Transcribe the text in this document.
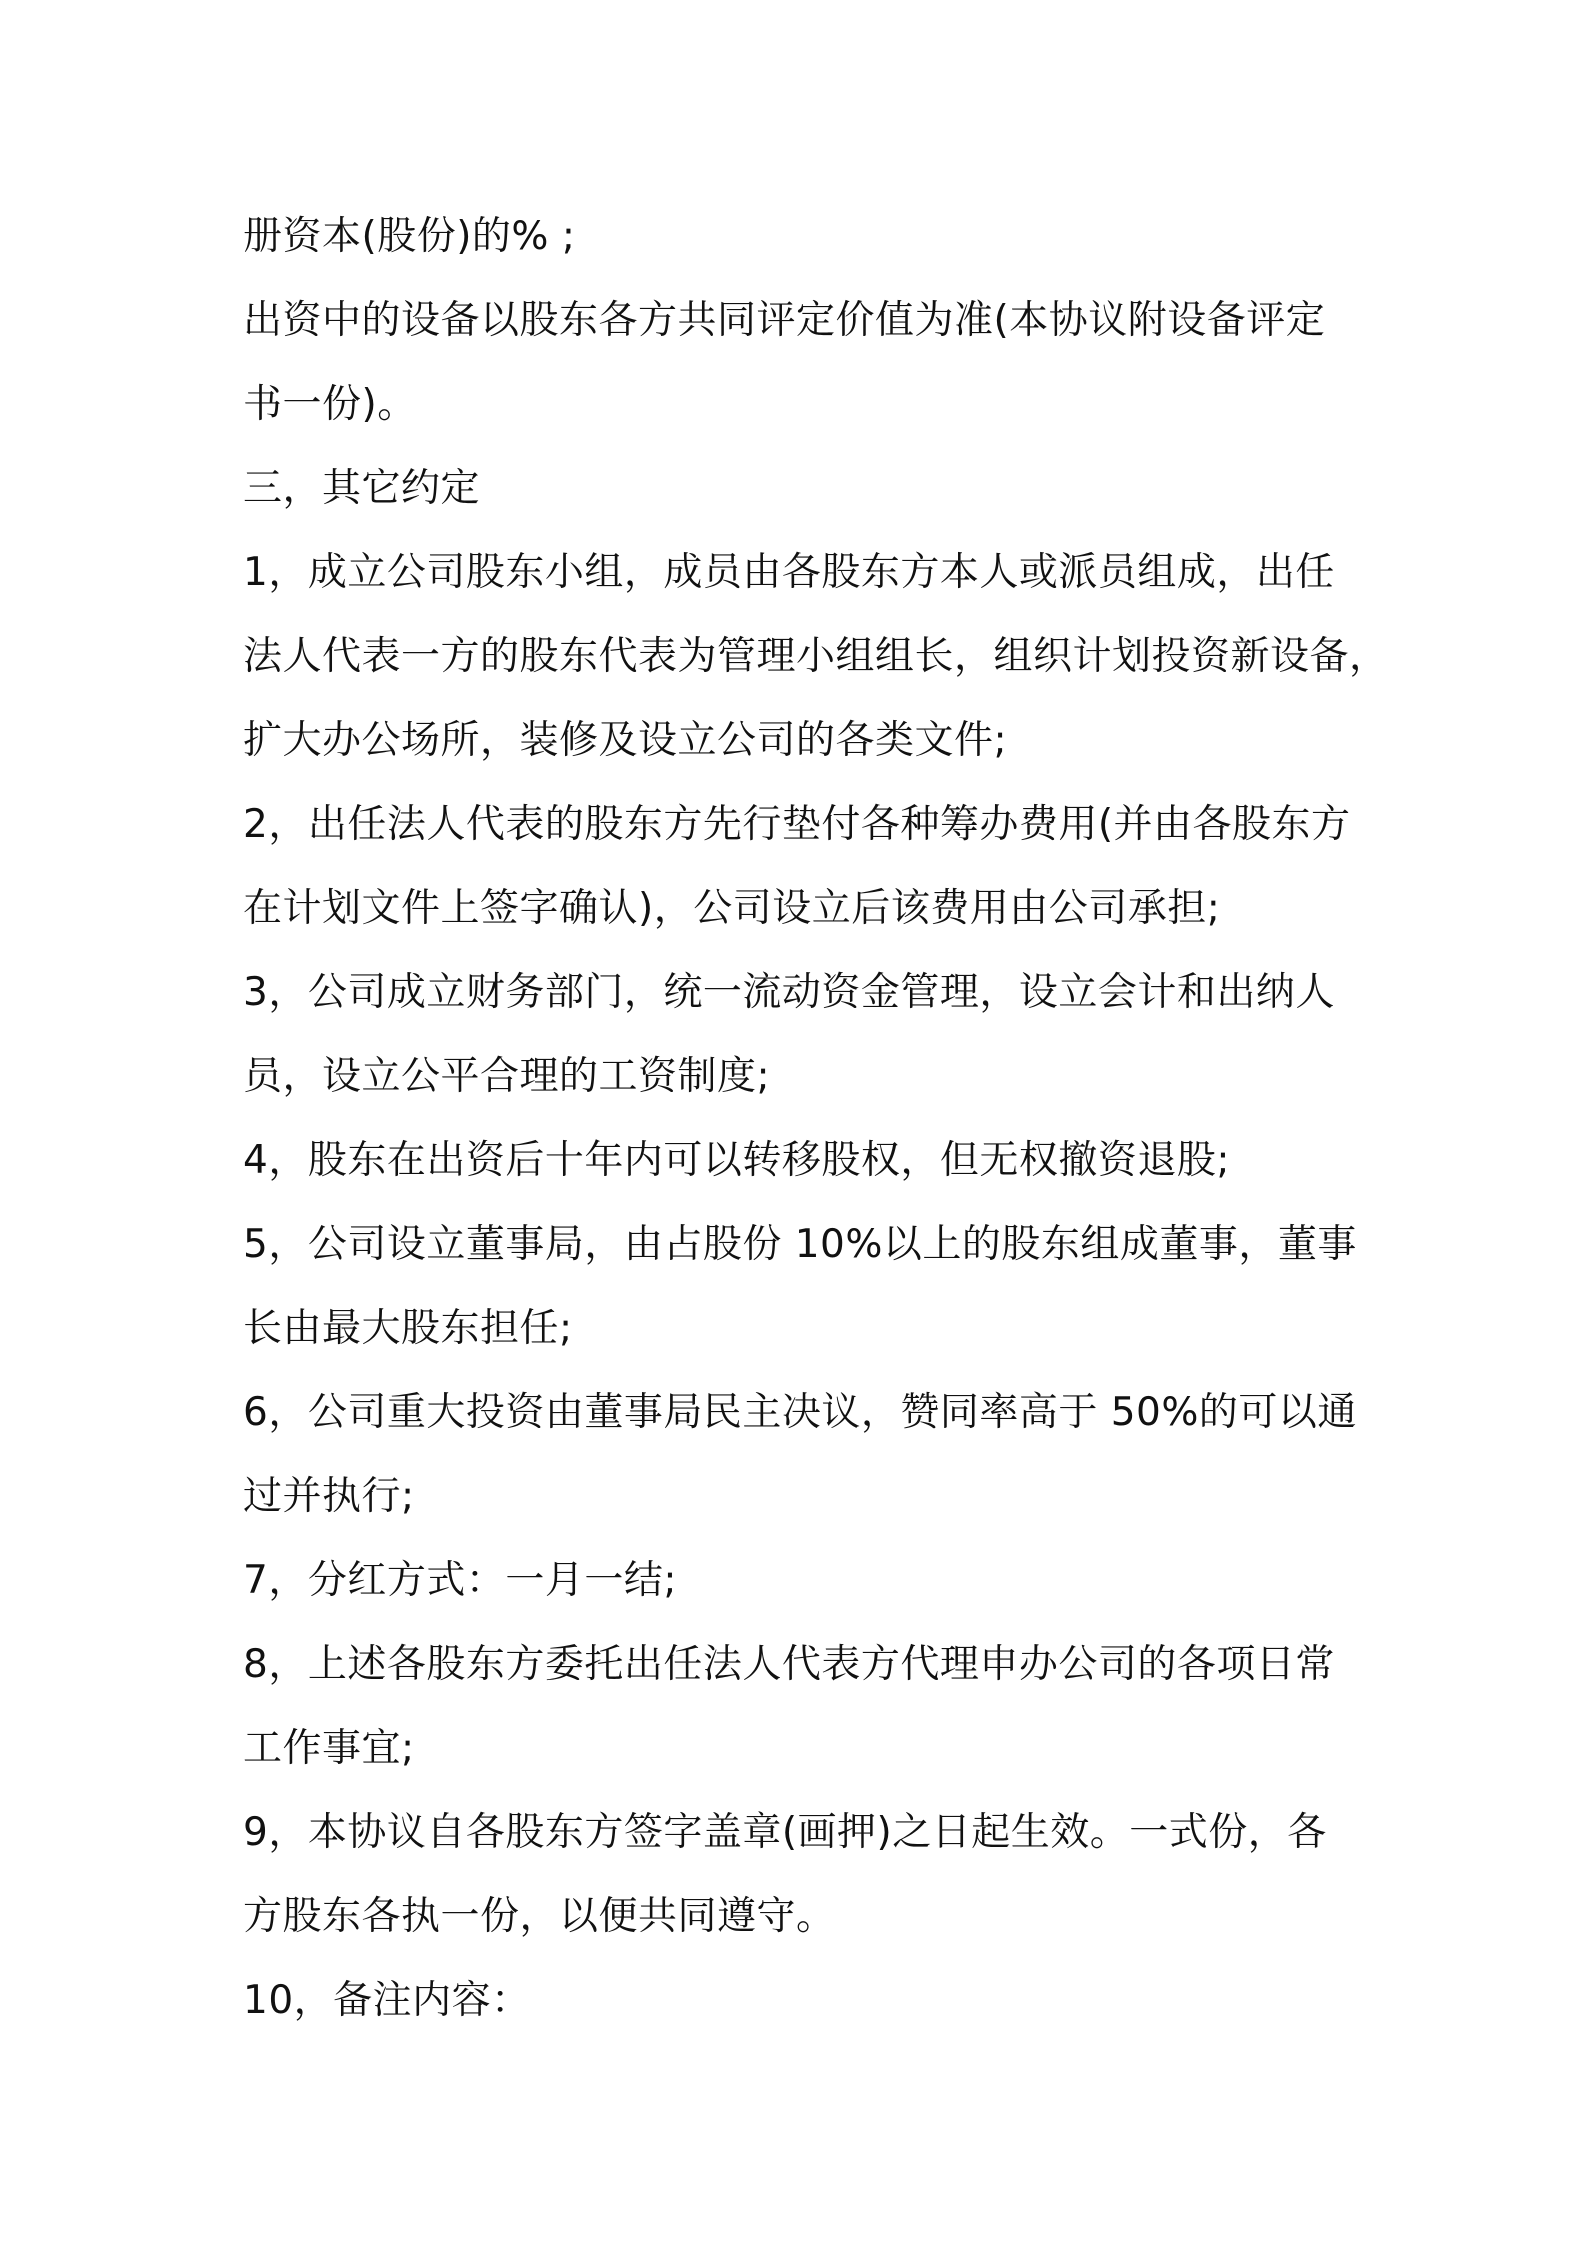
册资本(股份)的% ;
出资中的设备以股东各方共同评定价值为准(本协议附设备评定
书一份)。
三，其它约定
1，成立公司股东小组，成员由各股东方本人或派员组成，出任
法人代表一方的股东代表为管理小组组长，组织计划投资新设备，
扩大办公场所，装修及设立公司的各类文件;
2，出任法人代表的股东方先行垫付各种筹办费用(并由各股东方
在计划文件上签字确认)，公司设立后该费用由公司承担;
3，公司成立财务部门，统一流动资金管理，设立会计和出纳人
员，设立公平合理的工资制度;
4，股东在出资后十年内可以转移股权，但无权撤资退股;
5，公司设立董事局，由占股份 10%以上的股东组成董事，董事
长由最大股东担任;
6，公司重大投资由董事局民主决议，赞同率高于 50%的可以通
过并执行;
7，分红方式：一月一结;
8，上述各股东方委托出任法人代表方代理申办公司的各项日常
工作事宜;
9，本协议自各股东方签字盖章(画押)之日起生效。一式份，各
方股东各执一份，以便共同遵守。
10，备注内容：
